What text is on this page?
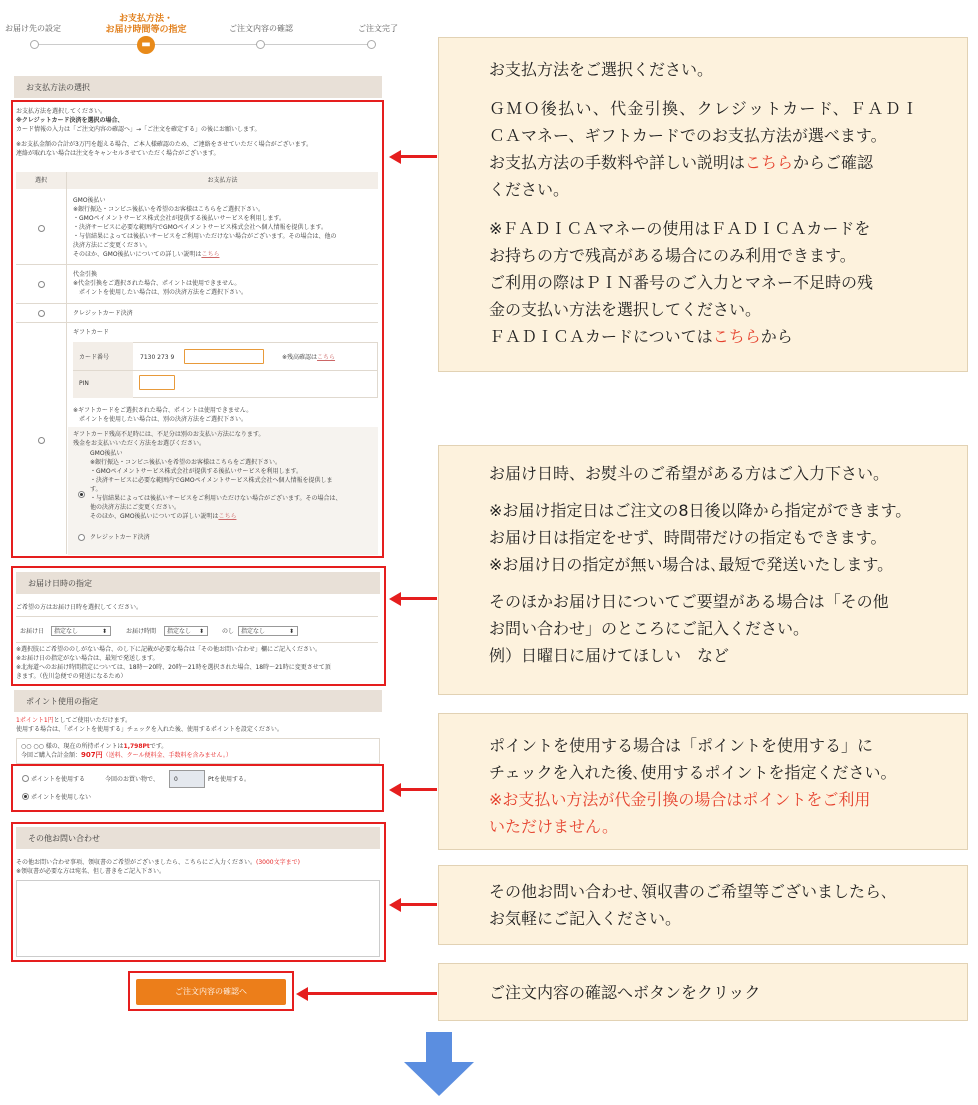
お届け先の設定
お支払方法・
お届け時間等の指定	ご注文内容の確認	ご注文完了
▬
お支払方法の選択
お支払方法を選択してください。
※クレジットカード決済を選択の場合、
カード情報の入力は「ご注文内容の確認へ」→「ご注文を確定する」の後にお願いします。
※お支払金額の合計が3万円を超える場合、ご本人様確認のため、ご連絡をさせていただく場合がございます。
連絡が取れない場合は注文をキャンセルさせていただく場合がございます。
選択	お支払方法
GMO後払い
※銀行振込・コンビニ後払いを希望のお客様はこちらをご選択下さい。
・GMOペイメントサービス株式会社が提供する後払いサービスを利用します。
・決済サービスに必要な範囲内でGMOペイメントサービス株式会社へ個人情報を提供します。
・与信結果によっては後払いサービスをご利用いただけない場合がございます。その場合は、他の
決済方法にご変更ください。
そのほか、GMO後払いについての詳しい説明はこちら
代金引換
※代金引換をご選択された場合、ポイントは使用できません。
ポイントを使用したい場合は、別の決済方法をご選択下さい。
クレジットカード決済
ギフトカード
カード番号	7130 273 9	※残高確認はこちら
PIN
※ギフトカードをご選択された場合、ポイントは使用できません。
ポイントを使用したい場合は、別の決済方法をご選択下さい。
ギフトカード残高不足時には、不足分は別のお支払い方法になります。
残金をお支払いいただく方法をお選びください。
GMO後払い
※銀行振込・コンビニ後払いを希望のお客様はこちらをご選択下さい。
・GMOペイメントサービス株式会社が提供する後払いサービスを利用します。
・決済サービスに必要な範囲内でGMOペイメントサービス株式会社へ個人情報を提供しま
す。
・与信結果によっては後払いサービスをご利用いただけない場合がございます。その場合は、
他の決済方法にご変更ください。
そのほか、GMO後払いについての詳しい説明はこちら
クレジットカード決済
お届け日時の指定
ご希望の方はお届け日時を選択してください。
お届け日	指定なし	⬍	お届け時間	指定なし ⬍	のし	指定なし	⬍
※選択肢にご希望ののしがない場合、のし下に記載が必要な場合は「その他お問い合わせ」欄にご記入ください。
※お届け日の指定がない場合は、最短で発送します。
※北海道へのお届け時間指定については、18時～20時、20時～21時を選択された場合、18時～21時に変更させて頂
きます。（佐川急便での発送になるため）
ポイント使用の指定
1ポイント1円としてご使用いただけます。
使用する場合は、「ポイントを使用する」チェックを入れた後、使用するポイントを設定ください。
○○ ○○ 様の、現在の所持ポイントは1,798Ptです。
今回ご購入合計金額：907円（送料、クール便料金、手数料を含みません。）
ポイントを使用する	今回のお買い物で、	0	Ptを使用する。
ポイントを使用しない
その他お問い合わせ
その他お問い合わせ事項、領収書のご希望がございましたら、こちらにご入力ください。(3000文字まで)
※領収書が必要な方は宛名、但し書きをご記入下さい。
ご注文内容の確認へ

お支払方法をご選択ください。

ＧＭＯ後払い、代金引換、クレジットカード、ＦＡＤＩ

ＣＡマネー、ギフトカードでのお支払方法が選べます。

お支払方法の手数料や詳しい説明はこちらからご確認

ください。

※ＦＡＤＩＣＡマネーの使用はＦＡＤＩＣＡカードを

お持ちの方で残高がある場合にのみ利用できます。

ご利用の際はＰＩＮ番号のご入力とマネー不足時の残

金の支払い方法を選択してください。

ＦＡＤＩＣＡカードについてはこちらから

お届け日時、お熨斗のご希望がある方はご入力下さい。

※お届け指定日はご注文の8日後以降から指定ができます。

お届け日は指定をせず、時間帯だけの指定もできます。

※お届け日の指定が無い場合は､最短で発送いたします。

そのほかお届け日についてご要望がある場合は「その他

お問い合わせ」のところにご記入ください。

例）日曜日に届けてほしい　など

ポイントを使用する場合は「ポイントを使用する」に

チェックを入れた後､使用するポイントを指定ください。

※お支払い方法が代金引換の場合はポイントをご利用

いただけません。

その他お問い合わせ､領収書のご希望等ございましたら､

お気軽にご記入ください。

ご注文内容の確認へボタンをクリック
